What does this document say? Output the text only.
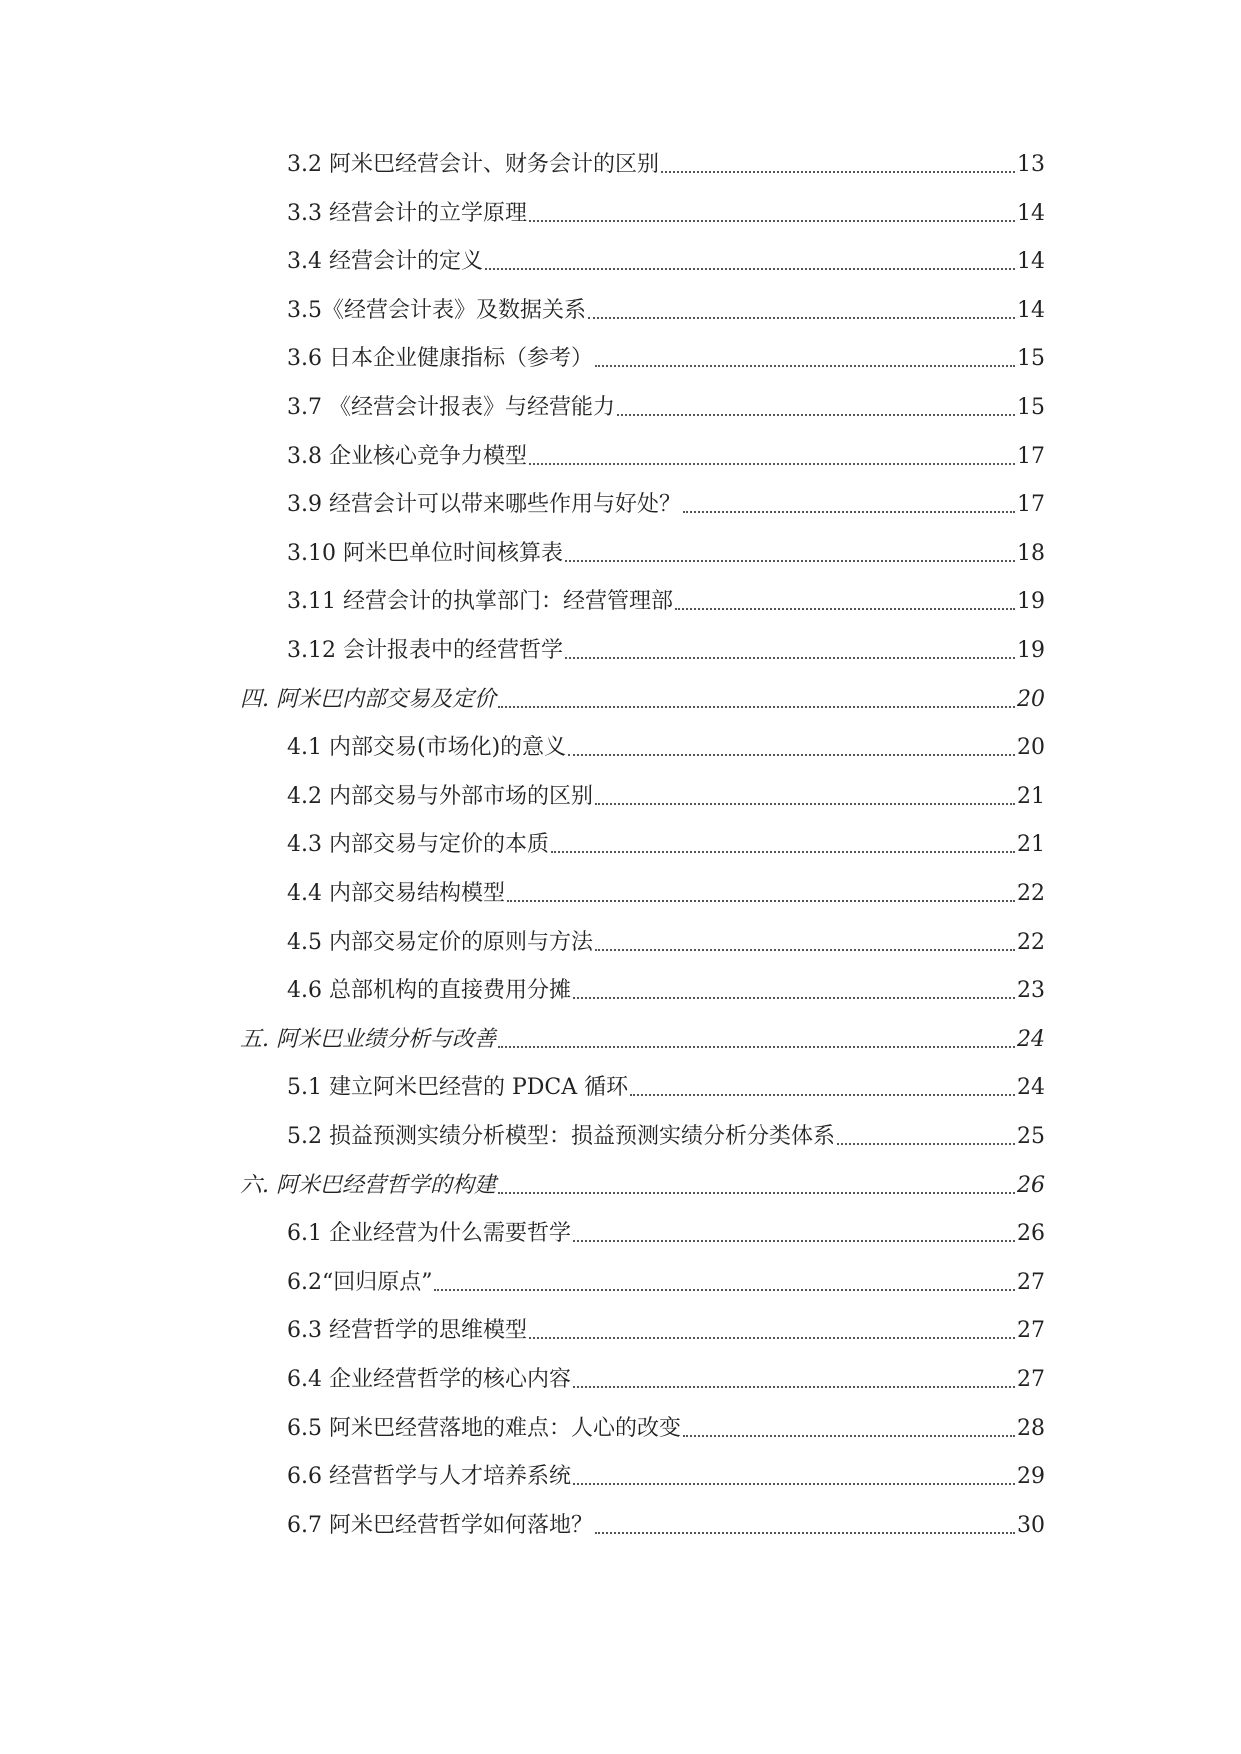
3.2 阿米巴经营会计、财务会计的区别	13
3.3 经营会计的立学原理	14
3.4 经营会计的定义	14
3.5《经营会计表》及数据关系	14
3.6 日本企业健康指标（参考）	15
3.7 《经营会计报表》与经营能力	15
3.8 企业核心竞争力模型	17
3.9 经营会计可以带来哪些作用与好处？	17
3.10 阿米巴单位时间核算表	18
3.11 经营会计的执掌部门：经营管理部	19
3.12 会计报表中的经营哲学	19
四. 阿米巴内部交易及定价	20
4.1 内部交易(市场化)的意义	20
4.2 内部交易与外部市场的区别	21
4.3 内部交易与定价的本质	21
4.4 内部交易结构模型	22
4.5 内部交易定价的原则与方法	22
4.6 总部机构的直接费用分摊	23
五. 阿米巴业绩分析与改善	24
5.1 建立阿米巴经营的 PDCA 循环	24
5.2 损益预测实绩分析模型：损益预测实绩分析分类体系	25
六. 阿米巴经营哲学的构建	26
6.1 企业经营为什么需要哲学	26
6.2“回归原点”	27
6.3 经营哲学的思维模型	27
6.4 企业经营哲学的核心内容	27
6.5 阿米巴经营落地的难点：人心的改变	28
6.6 经营哲学与人才培养系统	29
6.7 阿米巴经营哲学如何落地？	30
